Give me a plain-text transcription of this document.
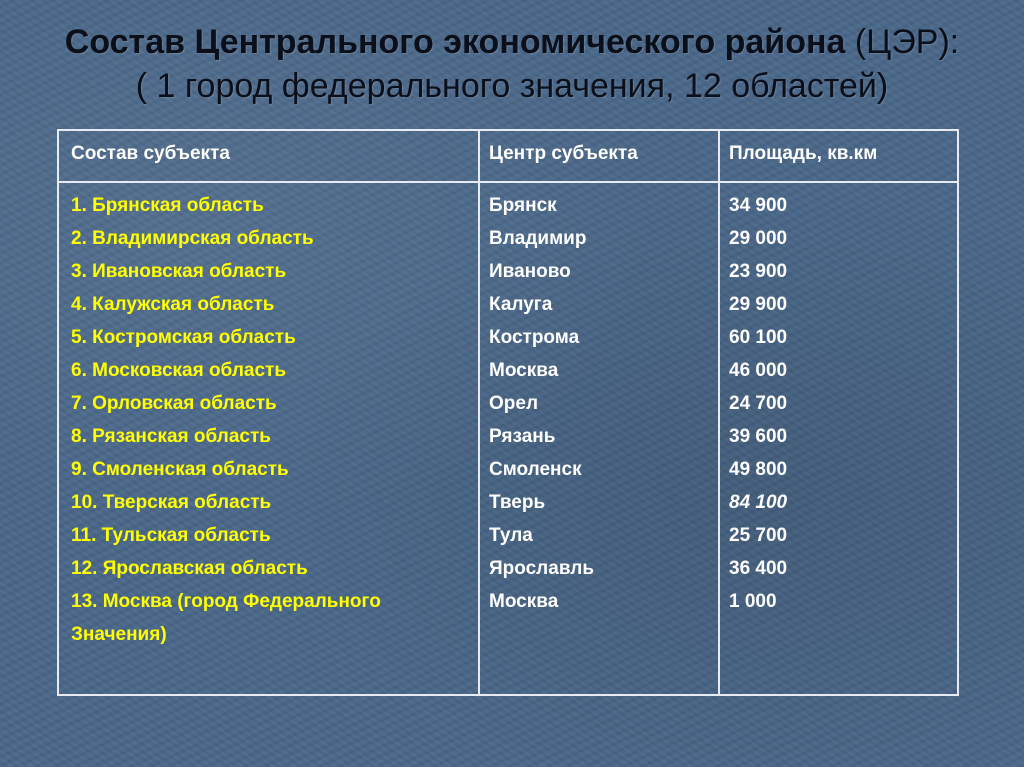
Состав Центрального экономического района (ЦЭР):
( 1 город федерального значения, 12 областей)
Состав субъекта	Центр субъекта	Площадь, кв.км
1. Брянская область
2. Владимирская область
3. Ивановская область
4. Калужская область
5. Костромская область
6. Московская область
7. Орловская область
8. Рязанская область
9. Смоленская область
10. Тверская область
11. Тульская область
12. Ярославская область
13. Москва (город Федерального
Значения)
Брянск
Владимир
Иваново
Калуга
Кострома
Москва
Орел
Рязань
Смоленск
Тверь
Тула
Ярославль
Москва
34 900
29 000
23 900
29 900
60 100
46 000
24 700
39 600
49 800
84 100
25 700
36 400
1 000
